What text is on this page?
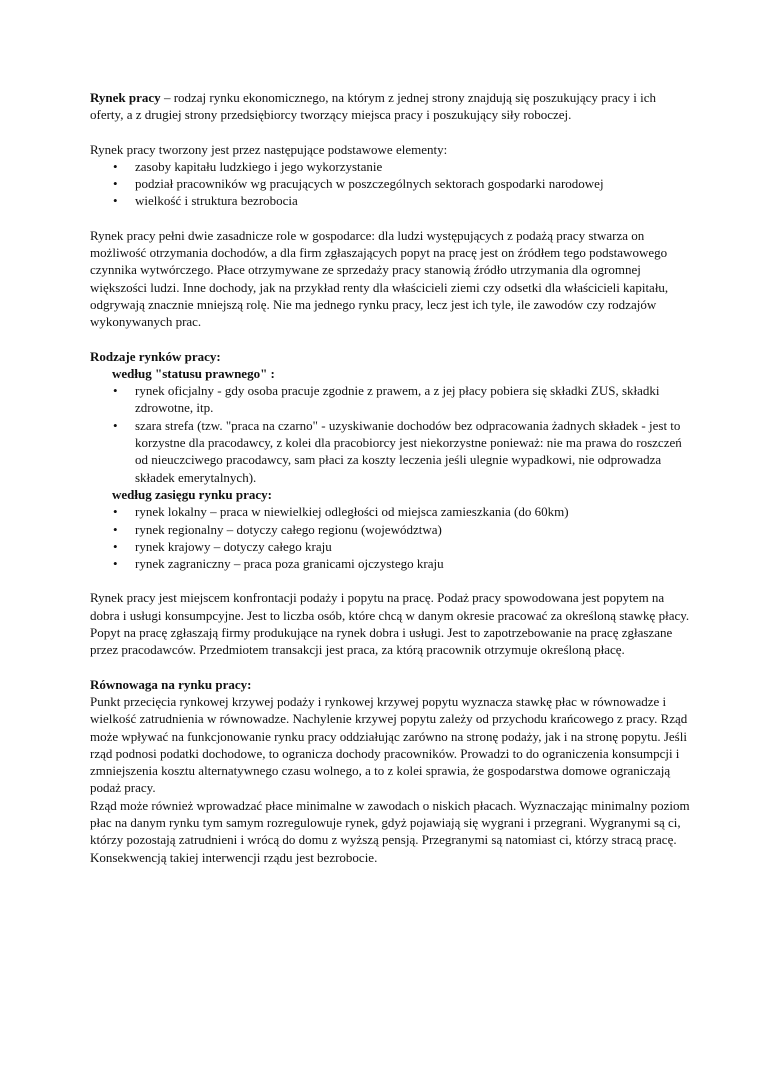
Rynek pracy – rodzaj rynku ekonomicznego, na którym z jednej strony znajdują się poszukujący pracy i ich oferty, a z drugiej strony przedsiębiorcy tworzący miejsca pracy i poszukujący siły roboczej.

Rynek pracy tworzony jest przez następujące podstawowe elementy:

• zasoby kapitału ludzkiego i jego wykorzystanie
• podział pracowników wg pracujących w poszczególnych sektorach gospodarki narodowej
• wielkość i struktura bezrobocia

Rynek pracy pełni dwie zasadnicze role w gospodarce: dla ludzi występujących z podażą pracy stwarza on możliwość otrzymania dochodów, a dla firm zgłaszających popyt na pracę jest on źródłem tego podstawowego czynnika wytwórczego. Płace otrzymywane ze sprzedaży pracy stanowią źródło utrzymania dla ogromnej większości ludzi. Inne dochody, jak na przykład renty dla właścicieli ziemi czy odsetki dla właścicieli kapitału, odgrywają znacznie mniejszą rolę. Nie ma jednego rynku pracy, lecz jest ich tyle, ile zawodów czy rodzajów wykonywanych prac.

Rodzaje rynków pracy:

według "statusu prawnego" :

• rynek oficjalny - gdy osoba pracuje zgodnie z prawem, a z jej płacy pobiera się składki ZUS, składki zdrowotne, itp.
• szara strefa (tzw. "praca na czarno" - uzyskiwanie dochodów bez odpracowania żadnych składek - jest to korzystne dla pracodawcy, z kolei dla pracobiorcy jest niekorzystne ponieważ: nie ma prawa do roszczeń od nieuczciwego pracodawcy, sam płaci za koszty leczenia jeśli ulegnie wypadkowi, nie odprowadza składek emerytalnych).

według zasięgu rynku pracy:

• rynek lokalny – praca w niewielkiej odległości od miejsca zamieszkania (do 60km)
• rynek regionalny – dotyczy całego regionu (województwa)
• rynek krajowy – dotyczy całego kraju
• rynek zagraniczny – praca poza granicami ojczystego kraju

Rynek pracy jest miejscem konfrontacji podaży i popytu na pracę. Podaż pracy spowodowana jest popytem na dobra i usługi konsumpcyjne. Jest to liczba osób, które chcą w danym okresie pracować za określoną stawkę płacy. Popyt na pracę zgłaszają firmy produkujące na rynek dobra i usługi. Jest to zapotrzebowanie na pracę zgłaszane przez pracodawców. Przedmiotem transakcji jest praca, za którą pracownik otrzymuje określoną płacę.

Równowaga na rynku pracy:

Punkt przecięcia rynkowej krzywej podaży i rynkowej krzywej popytu wyznacza stawkę płac w równowadze i wielkość zatrudnienia w równowadze. Nachylenie krzywej popytu zależy od przychodu krańcowego z pracy. Rząd może wpływać na funkcjonowanie rynku pracy oddziałując zarówno na stronę podaży, jak i na stronę popytu. Jeśli rząd podnosi podatki dochodowe, to ogranicza dochody pracowników. Prowadzi to do ograniczenia konsumpcji i zmniejszenia kosztu alternatywnego czasu wolnego, a to z kolei sprawia, że gospodarstwa domowe ograniczają podaż pracy.

Rząd może również wprowadzać płace minimalne w zawodach o niskich płacach. Wyznaczając minimalny poziom płac na danym rynku tym samym rozregulowuje rynek, gdyż pojawiają się wygrani i przegrani. Wygranymi są ci, którzy pozostają zatrudnieni i wrócą do domu z wyższą pensją. Przegranymi są natomiast ci, którzy stracą pracę. Konsekwencją takiej interwencji rządu jest bezrobocie.
